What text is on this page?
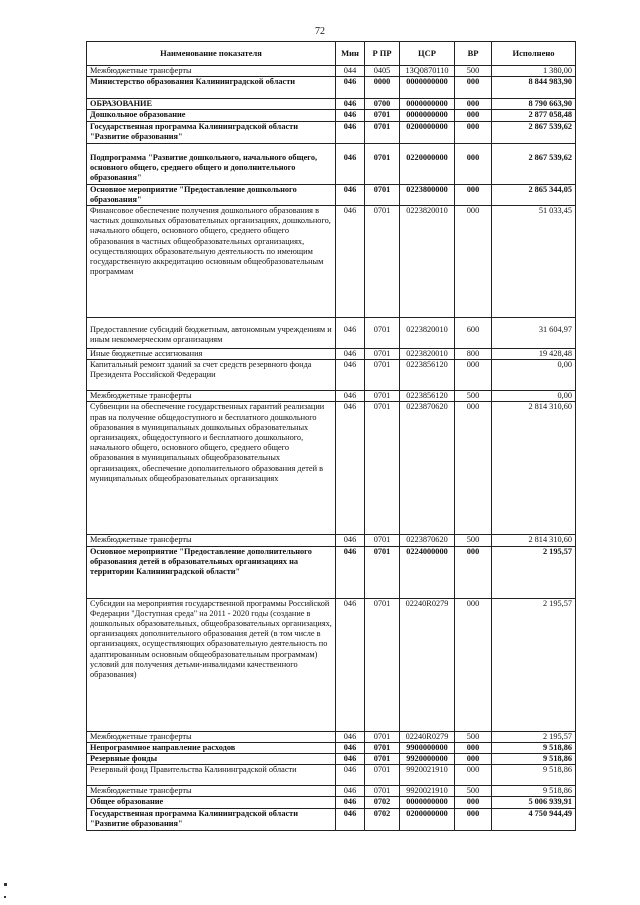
72
Наименование показателя	Мин	Р ПР	ЦСР	ВР	Исполнено
Межбюджетные трансферты	044	0405	13Q0870110	500	1 380,00
Министерство образования Калининградской области	046	0000	0000000000	000	8 844 983,90
ОБРАЗОВАНИЕ	046	0700	0000000000	000	8 790 663,90
Дошкольное образование	046	0701	0000000000	000	2 877 058,48
Государственная программа Калининградской области "Развитие образования"	046	0701	0200000000	000	2 867 539,62
Подпрограмма "Развитие дошкольного, начального общего, основного общего, среднего общего и дополнительного образования"	046	0701	0220000000	000	2 867 539,62
Основное мероприятие "Предоставление дошкольного образования"	046	0701	0223800000	000	2 865 344,05
Финансовое обеспечение получения дошкольного образования в частных дошкольных образовательных организациях, дошкольного, начального общего, основного общего, среднего общего образования в частных общеобразовательных организациях, осуществляющих образовательную деятельность по имеющим государственную аккредитацию основным общеобразовательным программам	046	0701	0223820010	000	51 033,45
Предоставление субсидий бюджетным, автономным учреждениям и иным некоммерческим организациям	046	0701	0223820010	600	31 604,97
Иные бюджетные ассигнования	046	0701	0223820010	800	19 428,48
Капитальный ремонт зданий за счет средств резервного фонда Президента Российской Федерации	046	0701	0223856120	000	0,00
Межбюджетные трансферты	046	0701	0223856120	500	0,00
Субвенции на обеспечение государственных гарантий реализации прав на получение общедоступного и бесплатного дошкольного образования в муниципальных дошкольных образовательных организациях, общедоступного и бесплатного дошкольного, начального общего, основного общего, среднего общего образования в муниципальных общеобразовательных организациях, обеспечение дополнительного образования детей в муниципальных общеобразовательных организациях	046	0701	0223870620	000	2 814 310,60
Межбюджетные трансферты	046	0701	0223870620	500	2 814 310,60
Основное мероприятие "Предоставление дополнительного образования детей в образовательных организациях на территории Калининградской области"	046	0701	0224000000	000	2 195,57
Субсидии на мероприятия государственной программы Российской Федерации "Доступная среда" на 2011 - 2020 годы (создание в дошкольных образовательных, общеобразовательных организациях, организациях дополнительного образования детей (в том числе в организациях, осуществляющих образовательную деятельность по адаптированным основным общеобразовательным программам) условий для получения детьми-инвалидами качественного образования)	046	0701	02240R0279	000	2 195,57
Межбюджетные трансферты	046	0701	02240R0279	500	2 195,57
Непрограммное направление расходов	046	0701	9900000000	000	9 518,86
Резервные фонды	046	0701	9920000000	000	9 518,86
Резервный фонд Правительства Калининградской области	046	0701	9920021910	000	9 518,86
Межбюджетные трансферты	046	0701	9920021910	500	9 518,86
Общее образование	046	0702	0000000000	000	5 006 939,91
Государственная программа Калининградской области "Развитие образования"	046	0702	0200000000	000	4 750 944,49
